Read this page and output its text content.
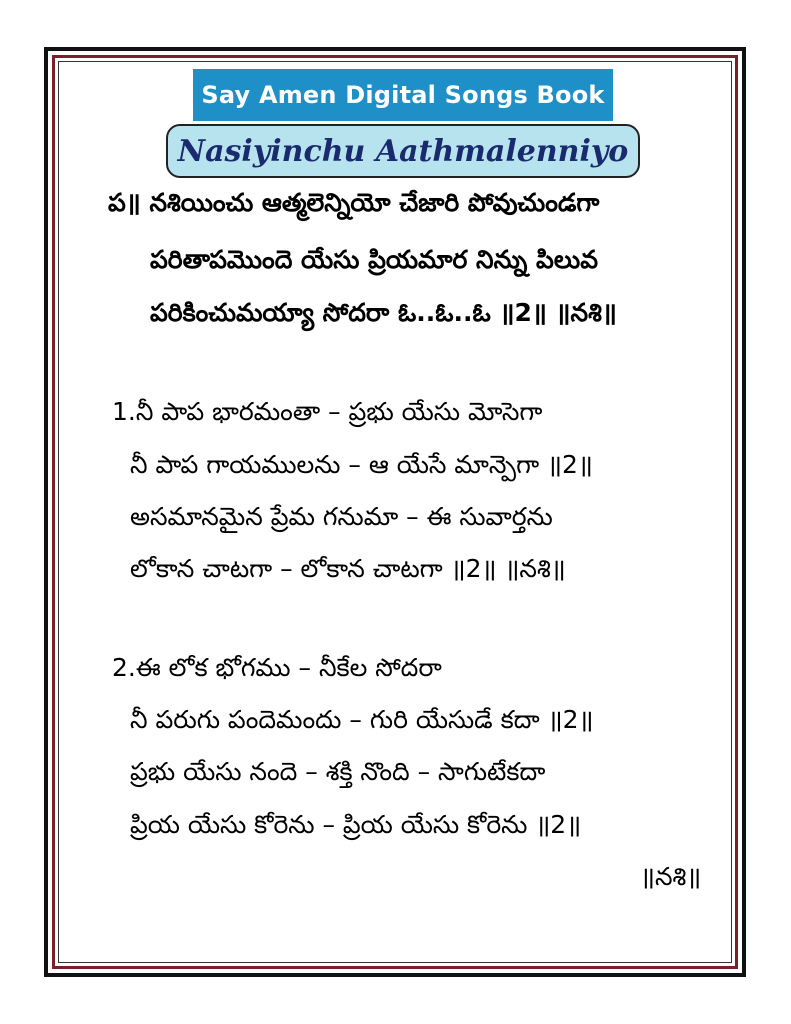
Say Amen Digital Songs Book
Nasiyinchu Aathmalenniyo
ప॥ నశియించు ఆత్మలెన్నియో చేజారి పోవుచుండగా
పరితాపమొందె యేసు ప్రియమార నిన్ను పిలువ
పరికించుమయ్యా సోదరా ఓ..ఓ..ఓ ॥2॥ ॥నశి॥
1.నీ పాప భారమంతా – ప్రభు యేసు మోసెగా
నీ పాప గాయములను – ఆ యేసే మాన్పెగా ॥2॥
అసమానమైన ప్రేమ గనుమా – ఈ సువార్తను
లోకాన చాటగా – లోకాన చాటగా ॥2॥ ॥నశి॥
2.ఈ లోక భోగము – నీకేల సోదరా
నీ పరుగు పందెమందు – గురి యేసుడే కదా ॥2॥
ప్రభు యేసు నందె – శక్తి నొంది – సాగుటేకదా
ప్రియ యేసు కోరెను – ప్రియ యేసు కోరెను ॥2॥
॥నశి॥
